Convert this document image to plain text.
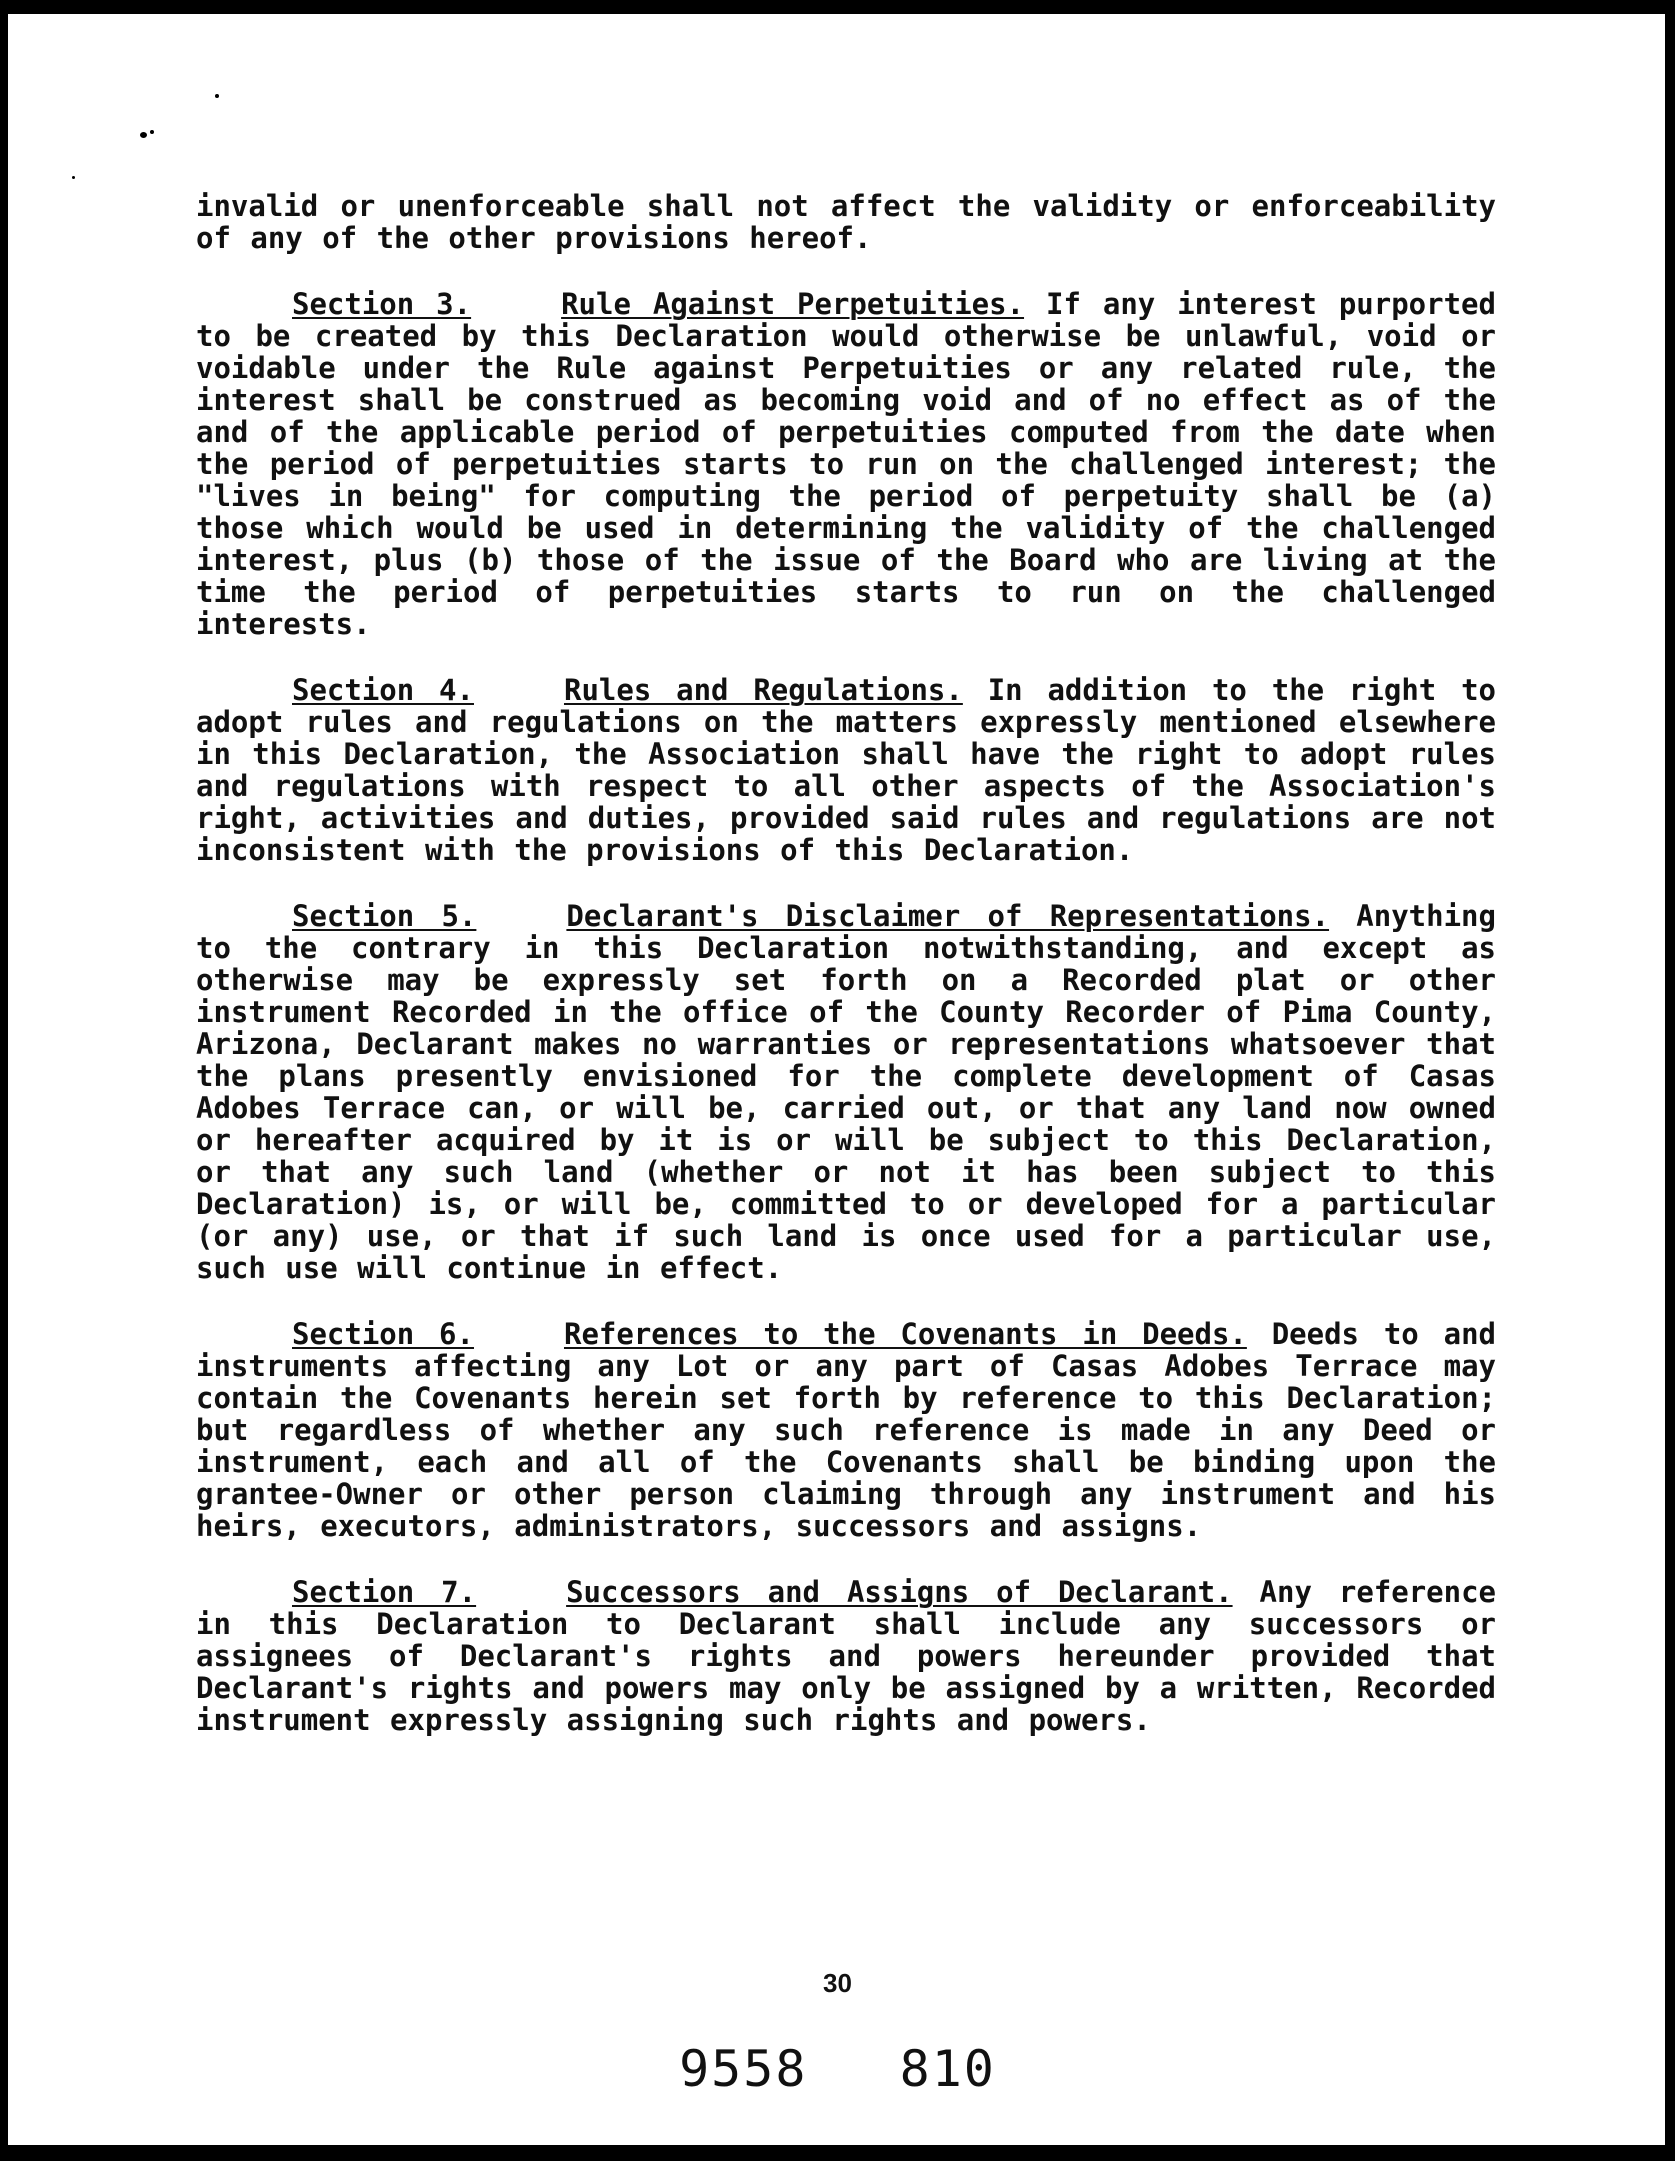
invalid or unenforceable shall not affect the validity or enforceability of any of the other provisions hereof.

Section 3.	Rule Against Perpetuities. If any interest purported to be created by this Declaration would otherwise be unlawful, void or voidable under the Rule against Perpetuities or any related rule, the interest shall be construed as becoming void and of no effect as of the and of the applicable period of perpetuities computed from the date when the period of perpetuities starts to run on the challenged interest; the "lives in being" for computing the period of perpetuity shall be (a) those which would be used in determining the validity of the challenged interest, plus (b) those of the issue of the Board who are living at the time the period of perpetuities starts to run on the challenged interests.

Section 4.	Rules and Regulations. In addition to the right to adopt rules and regulations on the matters expressly mentioned elsewhere in this Declaration, the Association shall have the right to adopt rules and regulations with respect to all other aspects of the Association's right, activities and duties, provided said rules and regulations are not inconsistent with the provisions of this Declaration.

Section 5.	Declarant's Disclaimer of Representations. Anything to the contrary in this Declaration notwithstanding, and except as otherwise may be expressly set forth on a Recorded plat or other instrument Recorded in the office of the County Recorder of Pima County, Arizona, Declarant makes no warranties or representations whatsoever that the plans presently envisioned for the complete development of Casas Adobes Terrace can, or will be, carried out, or that any land now owned or hereafter acquired by it is or will be subject to this Declaration, or that any such land (whether or not it has been subject to this Declaration) is, or will be, committed to or developed for a particular (or any) use, or that if such land is once used for a particular use, such use will continue in effect.

Section 6.	References to the Covenants in Deeds. Deeds to and instruments affecting any Lot or any part of Casas Adobes Terrace may contain the Covenants herein set forth by reference to this Declaration; but regardless of whether any such reference is made in any Deed or instrument, each and all of the Covenants shall be binding upon the grantee-Owner or other person claiming through any instrument and his heirs, executors, administrators, successors and assigns.

Section 7.	Successors and Assigns of Declarant. Any reference in this Declaration to Declarant shall include any successors or assignees of Declarant's rights and powers hereunder provided that Declarant's rights and powers may only be assigned by a written, Recorded instrument expressly assigning such rights and powers.

30
9558 810
